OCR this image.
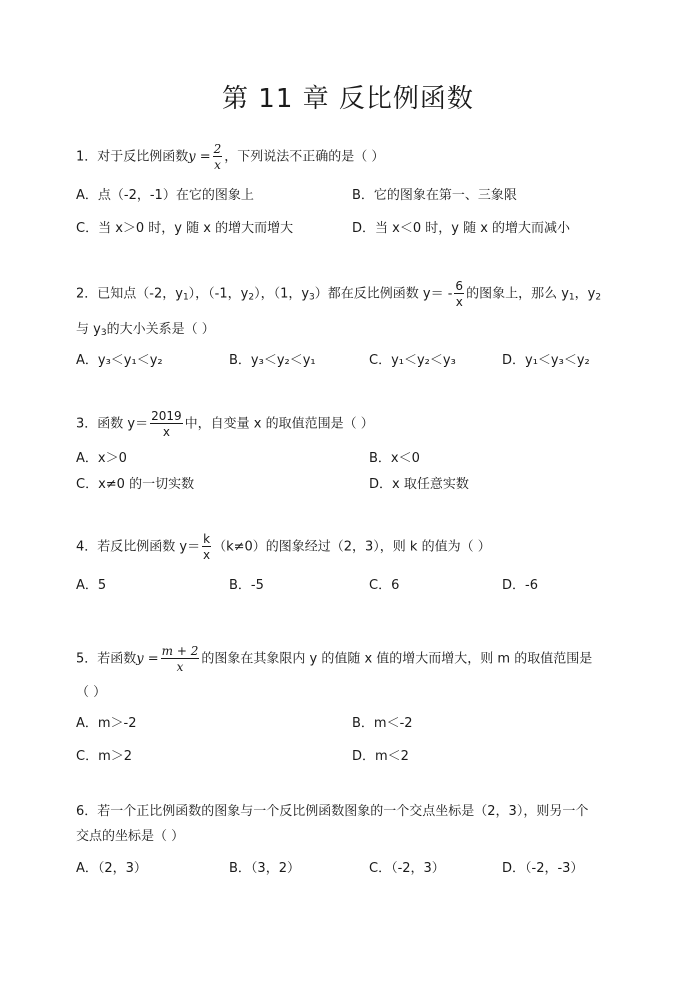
第 11 章 反比例函数
1．对于反比例函数$y = \frac{2}{x}$ ，下列说法不正确的是（ ）
A．点（-2，-1）在它的图象上	B．它的图象在第一、三象限
C．当 x＞0 时，y 随 x 的增大而增大	D．当 x＜0 时，y 随 x 的增大而减小
2．已知点（-2，$y_1$），（-1，$y_2$），（1，$y_3$）都在反比例函数 $y= - \frac{6}{x}$ 的图象上，那么 $y_1$，$y_2$
与 $y_3$的大小关系是（ ）
A．y₃＜y₁＜y₂	B．y₃＜y₂＜y₁	C．y₁＜y₂＜y₃	D．y₁＜y₃＜y₂
3．函数 $y= \frac{2019}{x}$ 中，自变量 x 的取值范围是（ ）
A．x＞0	B．x＜0
C．x≠0 的一切实数	D．x 取任意实数
4．若反比例函数 $y= \frac{k}{x} (k\ne 0)$的图象经过（2，3），则 k 的值为（ ）
A．5	B．-5	C．6	D．-6
5．若函数$y = \frac{m + 2}{x}$ 的图象在其象限内 y 的值随 x 值的增大而增大，则 m 的取值范围是
（ ）
A．m＞-2	B．m＜-2
C．m＞2	D．m＜2
6．若一个正比例函数的图象与一个反比例函数图象的一个交点坐标是（2，3），则另一个
交点的坐标是（ ）
A．（2，3）	B．（3，2）	C．（-2，3）	D．（-2，-3）
